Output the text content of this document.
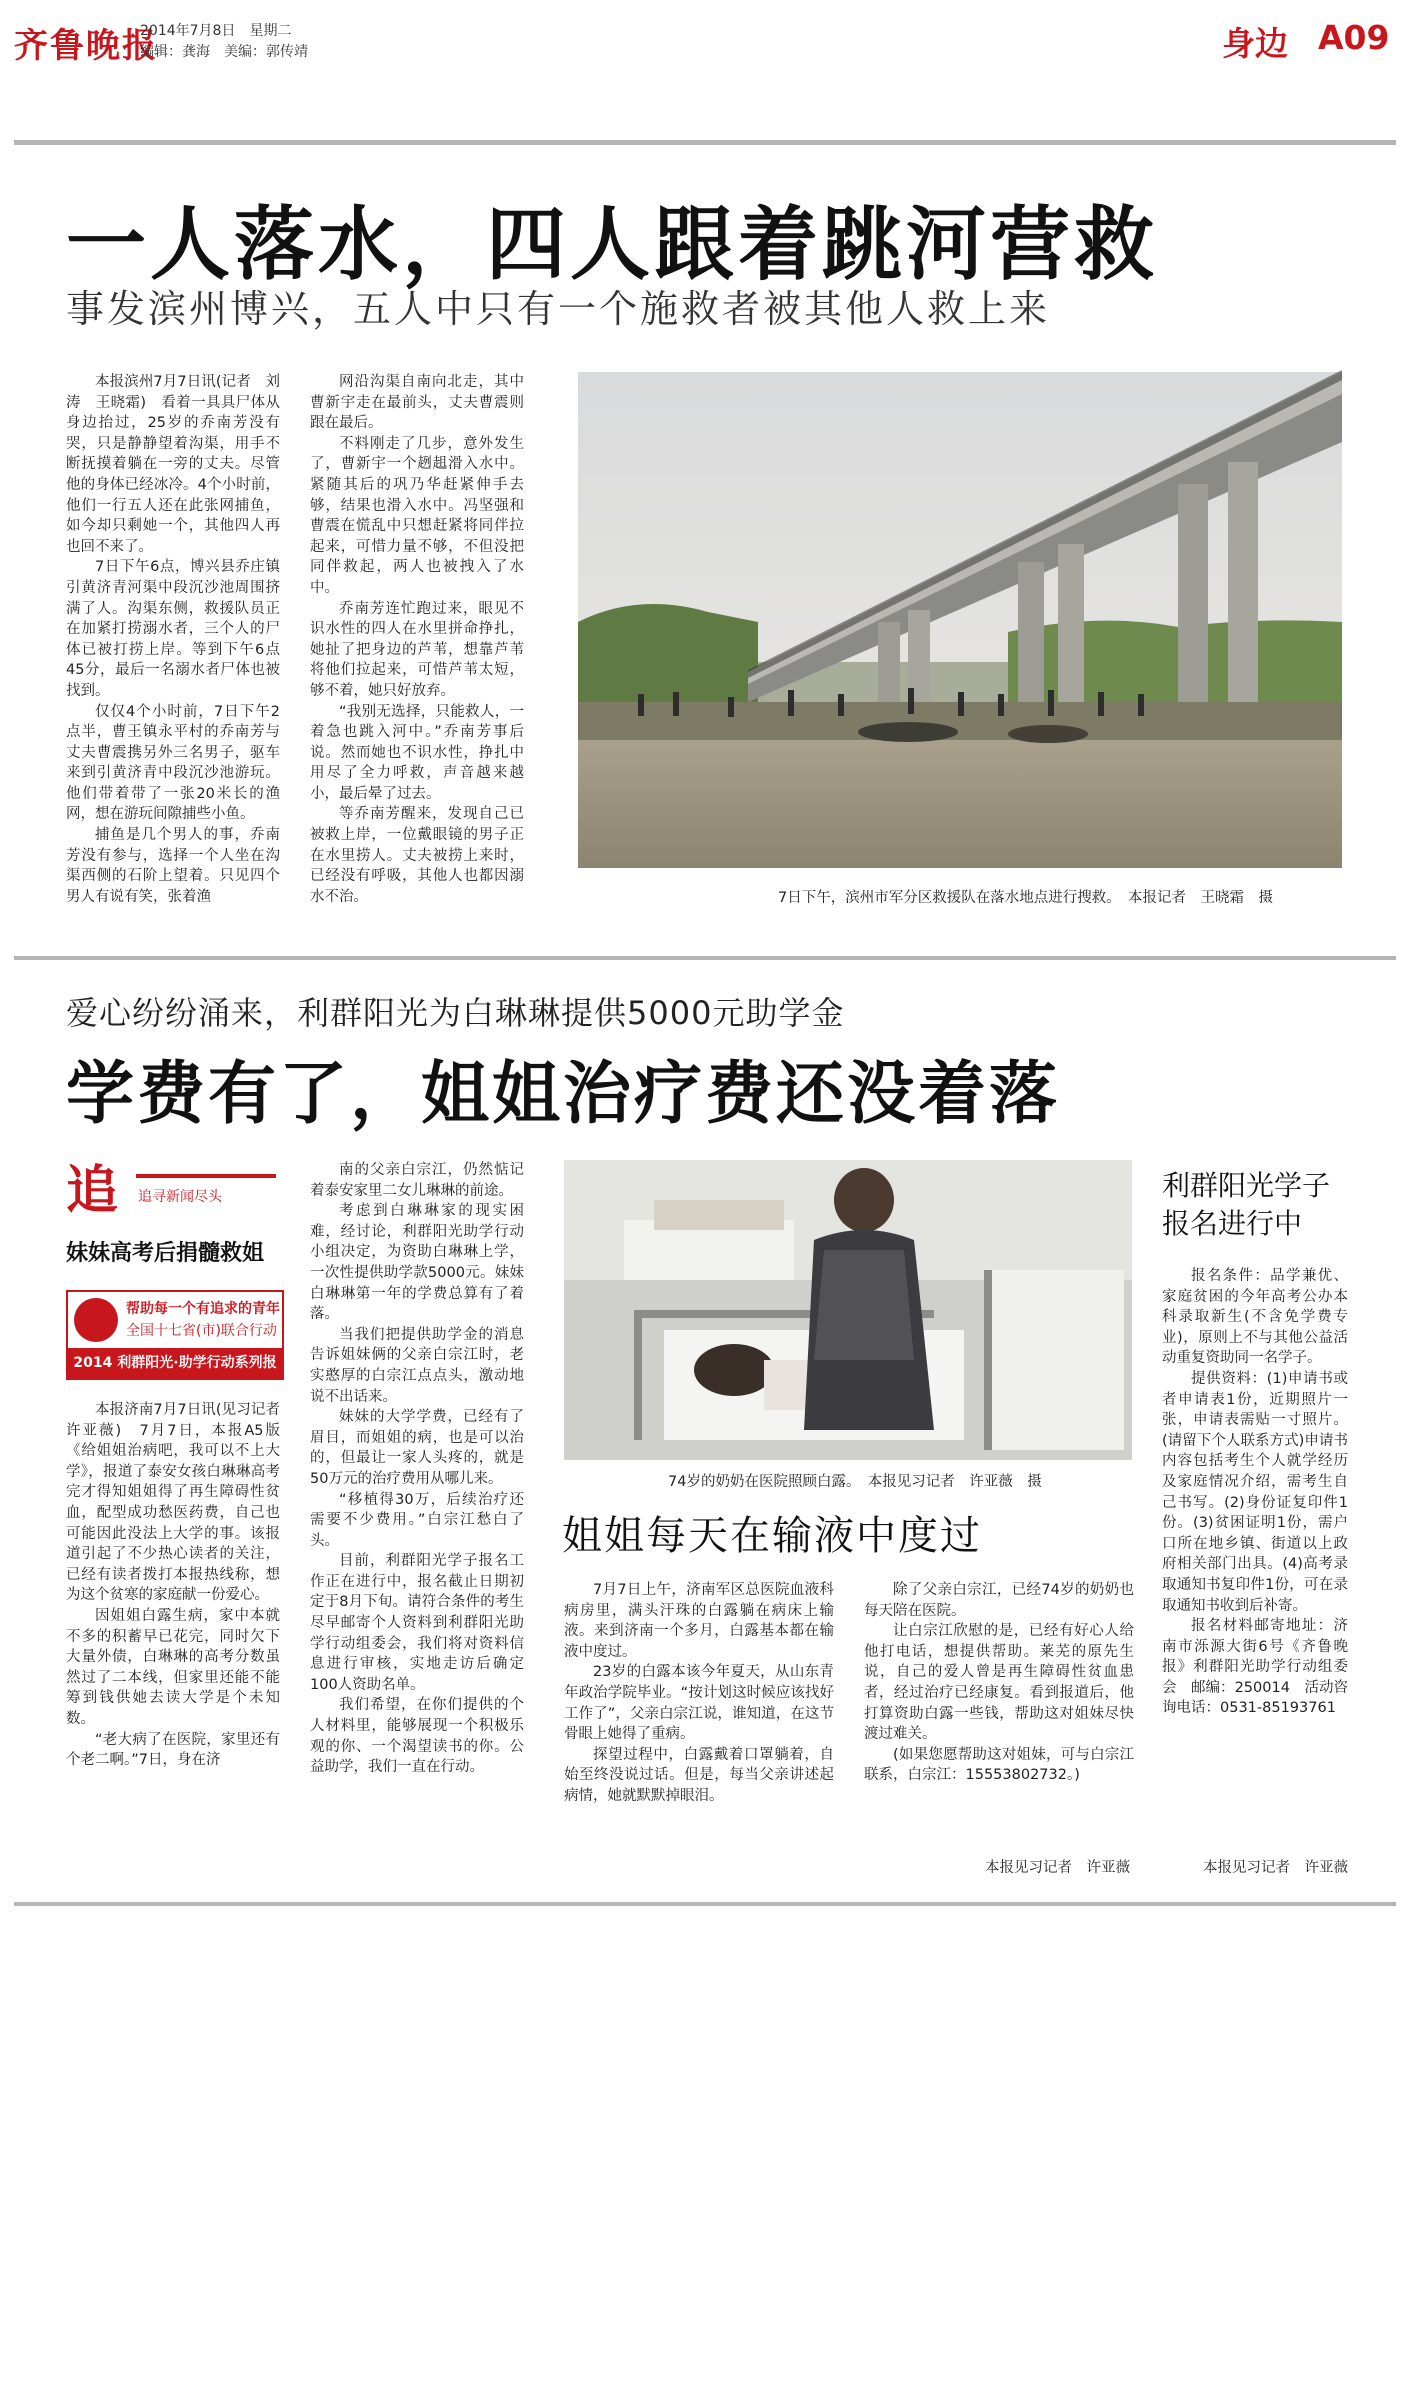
齐鲁晚报
2014年7月8日　星期二
编辑：龚海　美编：郭传靖	身边 A09
一人落水，四人跟着跳河营救
事发滨州博兴，五人中只有一个施救者被其他人救上来

本报滨州7月7日讯(记者　刘涛　王晓霜)　看着一具具尸体从身边抬过，25岁的乔南芳没有哭，只是静静望着沟渠，用手不断抚摸着躺在一旁的丈夫。尽管他的身体已经冰冷。4个小时前，他们一行五人还在此张网捕鱼，如今却只剩她一个，其他四人再也回不来了。

7日下午6点，博兴县乔庄镇引黄济青河渠中段沉沙池周围挤满了人。沟渠东侧，救援队员正在加紧打捞溺水者，三个人的尸体已被打捞上岸。等到下午6点45分，最后一名溺水者尸体也被找到。

仅仅4个小时前，7日下午2点半，曹王镇永平村的乔南芳与丈夫曹震携另外三名男子，驱车来到引黄济青中段沉沙池游玩。他们带着带了一张20米长的渔网，想在游玩间隙捕些小鱼。

捕鱼是几个男人的事，乔南芳没有参与，选择一个人坐在沟渠西侧的石阶上望着。只见四个男人有说有笑，张着渔

网沿沟渠自南向北走，其中曹新宇走在最前头，丈夫曹震则跟在最后。

不料刚走了几步，意外发生了，曹新宇一个趔趄滑入水中。紧随其后的巩乃华赶紧伸手去够，结果也滑入水中。冯坚强和曹震在慌乱中只想赶紧将同伴拉起来，可惜力量不够，不但没把同伴救起，两人也被拽入了水中。

乔南芳连忙跑过来，眼见不识水性的四人在水里拼命挣扎，她扯了把身边的芦苇，想靠芦苇将他们拉起来，可惜芦苇太短，够不着，她只好放弃。

“我别无选择，只能救人，一着急也跳入河中。”乔南芳事后说。然而她也不识水性，挣扎中用尽了全力呼救，声音越来越小，最后晕了过去。

等乔南芳醒来，发现自己已被救上岸，一位戴眼镜的男子正在水里捞人。丈夫被捞上来时，已经没有呼吸，其他人也都因溺水不治。	7日下午，滨州市军分区救援队在落水地点进行搜救。　本报记者　王晓霜　摄
爱心纷纷涌来，利群阳光为白琳琳提供5000元助学金
学费有了，姐姐治疗费还没着落
追	追寻新闻尽头
妹妹高考后捐髓救姐
帮助每一个有追求的青年
全国十七省(市)联合行动
2014 利群阳光·助学行动系列报道

本报济南7月7日讯(见习记者　许亚薇)　7月7日，本报A5版《给姐姐治病吧，我可以不上大学》，报道了泰安女孩白琳琳高考完才得知姐姐得了再生障碍性贫血，配型成功愁医药费，自己也可能因此没法上大学的事。该报道引起了不少热心读者的关注，已经有读者拨打本报热线称，想为这个贫寒的家庭献一份爱心。

因姐姐白露生病，家中本就不多的积蓄早已花完，同时欠下大量外债，白琳琳的高考分数虽然过了二本线，但家里还能不能筹到钱供她去读大学是个未知数。

“老大病了在医院，家里还有个老二啊。”7日，身在济

南的父亲白宗江，仍然惦记着泰安家里二女儿琳琳的前途。

考虑到白琳琳家的现实困难，经讨论，利群阳光助学行动小组决定，为资助白琳琳上学，一次性提供助学款5000元。妹妹白琳琳第一年的学费总算有了着落。

当我们把提供助学金的消息告诉姐妹俩的父亲白宗江时，老实憨厚的白宗江点点头，激动地说不出话来。

妹妹的大学学费，已经有了眉目，而姐姐的病，也是可以治的，但最让一家人头疼的，就是50万元的治疗费用从哪儿来。

“移植得30万，后续治疗还需要不少费用。”白宗江愁白了头。

目前，利群阳光学子报名工作正在进行中，报名截止日期初定于8月下旬。请符合条件的考生尽早邮寄个人资料到利群阳光助学行动组委会，我们将对资料信息进行审核，实地走访后确定100人资助名单。

我们希望，在你们提供的个人材料里，能够展现一个积极乐观的你、一个渴望读书的你。公益助学，我们一直在行动。

74岁的奶奶在医院照顾白露。　本报见习记者　许亚薇　摄
姐姐每天在输液中度过

7月7日上午，济南军区总医院血液科病房里，满头汗珠的白露躺在病床上输液。来到济南一个多月，白露基本都在输液中度过。

23岁的白露本该今年夏天，从山东青年政治学院毕业。“按计划这时候应该找好工作了”，父亲白宗江说，谁知道，在这节骨眼上她得了重病。

探望过程中，白露戴着口罩躺着，自始至终没说过话。但是，每当父亲讲述起病情，她就默默掉眼泪。

除了父亲白宗江，已经74岁的奶奶也每天陪在医院。

让白宗江欣慰的是，已经有好心人给他打电话，想提供帮助。莱芜的原先生说，自己的爱人曾是再生障碍性贫血患者，经过治疗已经康复。看到报道后，他打算资助白露一些钱，帮助这对姐妹尽快渡过难关。

(如果您愿帮助这对姐妹，可与白宗江联系，白宗江：15553802732。)

本报见习记者　许亚薇
利群阳光学子
报名进行中

报名条件：品学兼优、家庭贫困的今年高考公办本科录取新生(不含免学费专业)，原则上不与其他公益活动重复资助同一名学子。

提供资料：(1)申请书或者申请表1份，近期照片一张，申请表需贴一寸照片。(请留下个人联系方式)申请书内容包括考生个人就学经历及家庭情况介绍，需考生自己书写。(2)身份证复印件1份。(3)贫困证明1份，需户口所在地乡镇、街道以上政府相关部门出具。(4)高考录取通知书复印件1份，可在录取通知书收到后补寄。

报名材料邮寄地址：济南市泺源大街6号《齐鲁晚报》利群阳光助学行动组委会　邮编：250014　活动咨询电话：0531-85193761

本报见习记者　许亚薇
